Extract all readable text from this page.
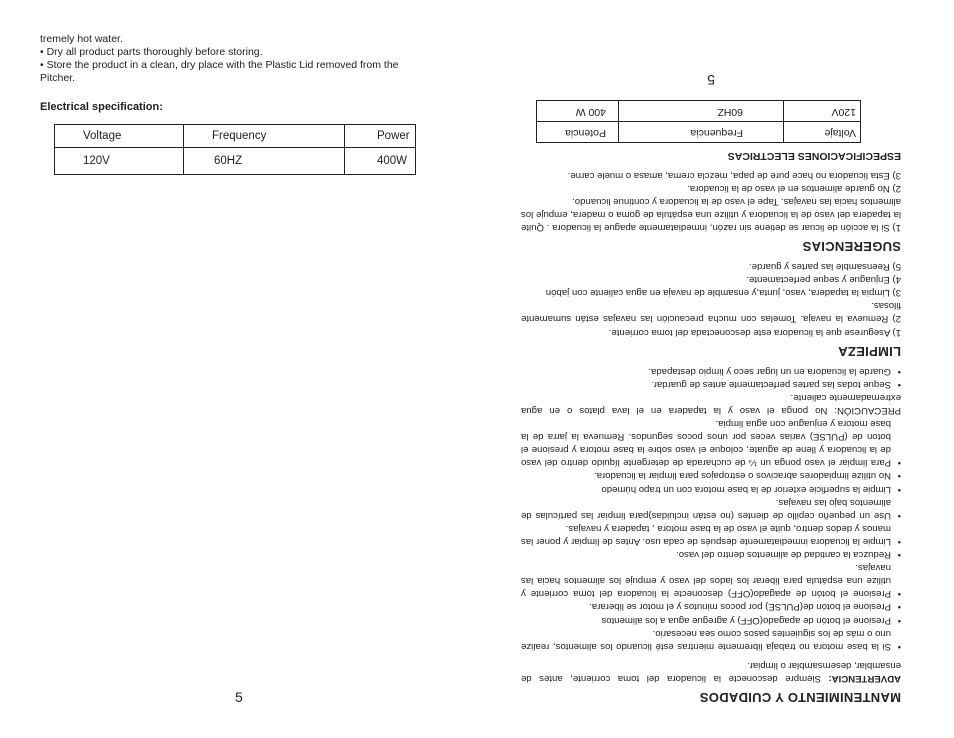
tremely hot water.

• Dry all product parts thoroughly before storing.

• Store the product in a clean, dry place with the Plastic Lid removed from the Pitcher.

Electrical specification:
Voltage	Frequency	Power
120V	60HZ	400W
5	MANTENIMIENTO Y CUIDADOS

ADVERTENCIA: Siempre desconecte la licuadora del toma corriente, antes de ensamblar, desemsamblar o limpiar.

• Si la base motora no trabaja libremente mientras esté licuando los alimentos, realize uno o más de los siguientes pasos como sea necesario.
• Presione el botón de apagado(OFF) y agregue agua a los alimentos
• Presione el botón de(PULSE) por pocos minutos y el motor se liberara.
• Presione el botón de apagado(OFF) desconecte la licuadora del toma corriente y utilize una espátula para liberar los lados del vaso y empuje los alimentos hacia las navajas.
• Reduzca la cantidad de alimentos dentro del vaso.
• Limpie la licuadora inmediatamente después de cada uso. Antes de limpiar y poner las manos y dedos dentro, quite el vaso de la base motora , tapadera y navajas.
• Use un pequeño cepillo de dientes (no están incluidas)para limpiar las partículas de alimentos bajo las navajas.
• Limpie la superficie exterior de la base motora con un trapo húmedo
• No utilize limpiadores abracivos o estropajos para limpiar la licuadora.
• Para limpiar el vaso ponga un ¼ de cucharada de detergente líquido dentro del vaso de la licuadora y llene de aguate, coloque el vaso sobre la base motora y presione el boton de (PULSE) varias veces por unos pocos segundos. Remueva la jarra de la base motora y enjuague con agua limpia.

PRECAUCIÓN: No ponga el vaso y la tapadera en el lava platos o en agua extremadamente caliente.

• Seque todas las partes perfectamente antes de guardar.
• Guarde la licuadora en un lugar seco y limpio destapada.
LIMPIEZA

1) Asegurese que la licuadora este desconectada del toma corriente.

2) Remueva la navaja. Tomelas con mucha precaución las navajas están sumamente filosas.

3) Limpia la tapadera, vaso, junta,y ensamble de navaja en agua caliente con jabón

4) Enjuague y seque perfectamente.

5) Reensamble las partes y guarde.

SUGERENCIAS

1) Si la acción de licuar se detiene sin razón, inmediatamente apague la licuadora . Quite la tapadera del vaso de la licuadora y utilize una espátula de goma o madera, empuje los alimentos hacia las navajas. Tape el vaso de la licuadora y continue licuando.

2) No guarde alimentos en el vaso de la licuadora.

3) Esta licuadora no hace pure de papa, mezcla crema, amasa o muele carne.

ESPECIFICACIONES ELECTRICAS
Voltaje	Frequencia	Potencia
120V	60HZ	400 W
5
